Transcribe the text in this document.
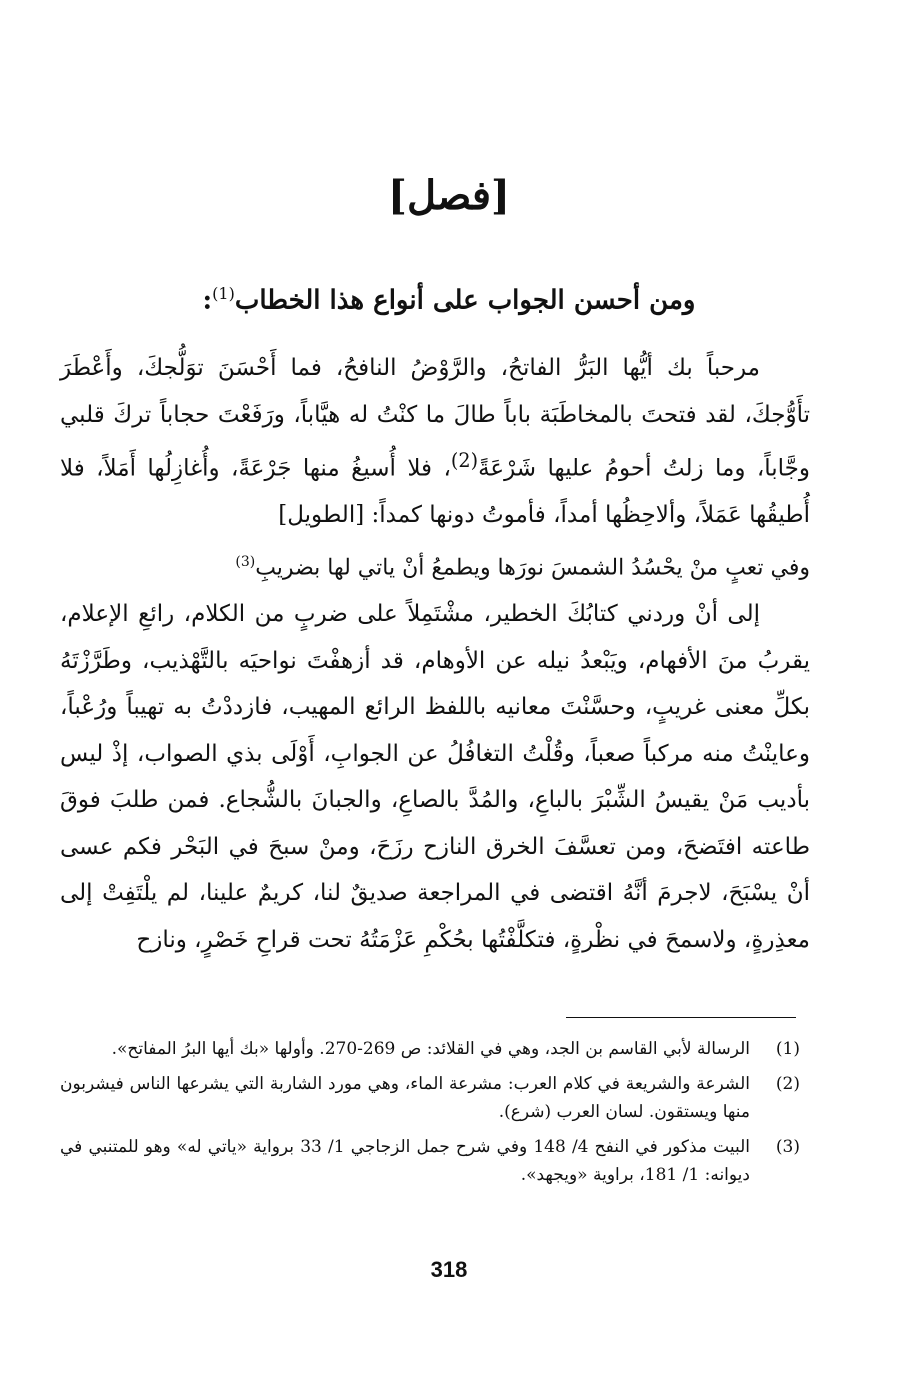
[فصل]
ومن أحسن الجواب على أنواع هذا الخطاب$^{(1)}$:

مرحباً بك أيُّها البَرُّ الفاتحُ، والرَّوْضُ النافحُ، فما أَحْسَنَ توَلُّجكَ، وأَعْطَرَ تأَوُّجكَ، لقد فتحتَ بالمخاطَبَة باباً طالَ ما كنْتُ له هيَّاباً، ورَفَعْتَ حجاباً تركَ قلبي وجَّاباً، وما زلتُ أحومُ عليها شَرْعَةً$^{(2)}$، فلا أُسيغُ منها جَرْعَةً، وأُغازِلُها أَمَلاً، فلا أُطيقُها عَمَلاً، وألاحِظُها أمداً، فأموتُ دونها كمداً: [الطويل]

وفي تعبٍ منْ يحْسُدُ الشمسَ نورَها ويطمعُ أنْ ياتي لها بضريبِ$^{(3)}$

إلى أنْ وردني كتابُكَ الخطير، مشْتَمِلاً على ضربٍ من الكلام، رائعِ الإعلام، يقربُ منَ الأفهام، ويَبْعدُ نيله عن الأوهام، قد أزهفْتَ نواحيَه بالتَّهْذيب، وطَرَّزْتَهُ بكلِّ معنى غريبٍ، وحسَّنْتَ معانيه باللفظ الرائع المهيب، فازددْتُ به تهيباً ورُعْباً، وعاينْتُ منه مركباً صعباً، وقُلْتُ التغافُلُ عن الجوابِ، أَوْلَى بذي الصواب، إذْ ليس بأديب مَنْ يقيسُ الشِّبْرَ بالباعِ، والمُدَّ بالصاعِ، والجبانَ بالشُّجاع. فمن طلبَ فوقَ طاعته افتَضحَ، ومن تعسَّفَ الخرق النازح رزَحَ، ومنْ سبحَ في البَحْر فكم عسى أنْ يسْبَحَ، لاجرمَ أنَّهُ اقتضى في المراجعة صديقٌ لنا، كريمٌ علينا، لم يلْتَفِتْ إلى معذِرةٍ، ولاسمحَ في نظْرةٍ، فتكلَّفْتُها بحُكْمِ عَزْمَتُهُ تحت قراحِ خَصْرٍ، ونازح

(1)
الرسالة لأبي القاسم بن الجد، وهي في القلائد: ص 269-270. وأولها «بك أيها البرُ المفاتح».
(2)
الشرعة والشريعة في كلام العرب: مشرعة الماء، وهي مورد الشاربة التي يشرعها الناس فيشربون منها ويستقون. لسان العرب (شرع).
(3)
البيت مذكور في النفح 4/ 148 وفي شرح جمل الزجاجي 1/ 33 برواية «ياتي له» وهو للمتنبي في ديوانه: 1/ 181، براوية «ويجهد».
318
